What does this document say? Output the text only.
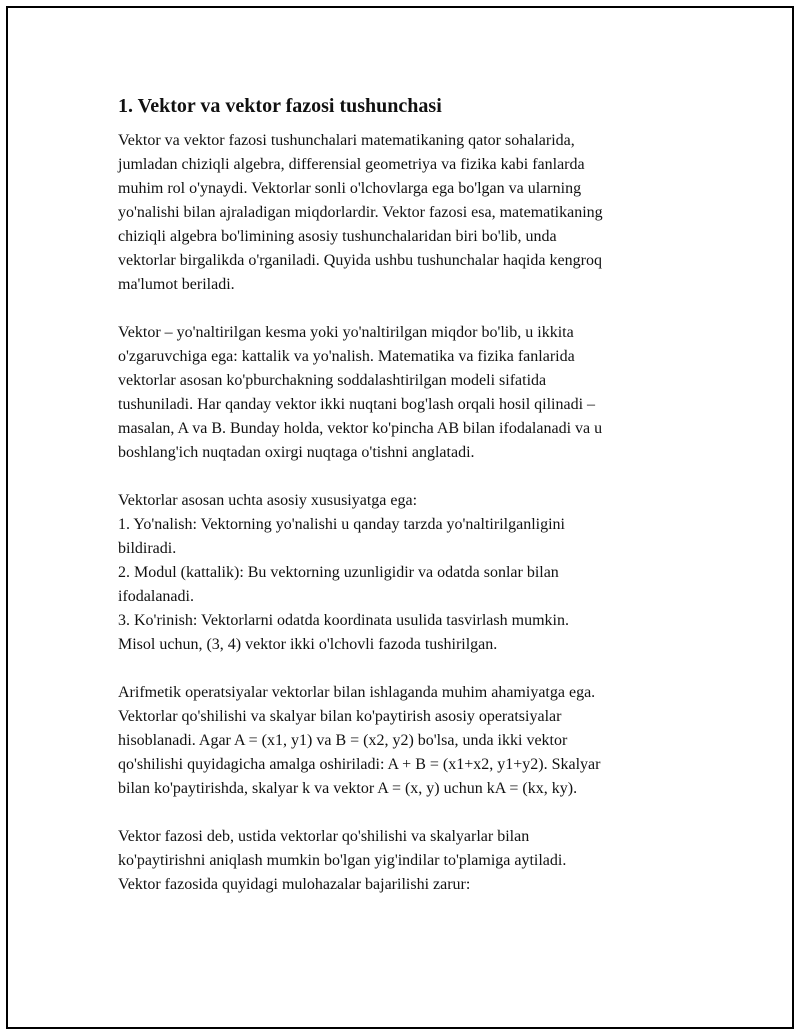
1. Vektor va vektor fazosi tushunchasi

Vektor va vektor fazosi tushunchalari matematikaning qator sohalarida,
jumladan chiziqli algebra, differensial geometriya va fizika kabi fanlarda
muhim rol o'ynaydi. Vektorlar sonli o'lchovlarga ega bo'lgan va ularning
yo'nalishi bilan ajraladigan miqdorlardir. Vektor fazosi esa, matematikaning
chiziqli algebra bo'limining asosiy tushunchalaridan biri bo'lib, unda
vektorlar birgalikda o'rganiladi. Quyida ushbu tushunchalar haqida kengroq
ma'lumot beriladi.

Vektor – yo'naltirilgan kesma yoki yo'naltirilgan miqdor bo'lib, u ikkita
o'zgaruvchiga ega: kattalik va yo'nalish. Matematika va fizika fanlarida
vektorlar asosan ko'pburchakning soddalashtirilgan modeli sifatida
tushuniladi. Har qanday vektor ikki nuqtani bog'lash orqali hosil qilinadi –
masalan, A va B. Bunday holda, vektor ko'pincha AB bilan ifodalanadi va u
boshlang'ich nuqtadan oxirgi nuqtaga o'tishni anglatadi.

Vektorlar asosan uchta asosiy xususiyatga ega:
1. Yo'nalish: Vektorning yo'nalishi u qanday tarzda yo'naltirilganligini
bildiradi.
2. Modul (kattalik): Bu vektorning uzunligidir va odatda sonlar bilan
ifodalanadi.
3. Ko'rinish: Vektorlarni odatda koordinata usulida tasvirlash mumkin.
Misol uchun, (3, 4) vektor ikki o'lchovli fazoda tushirilgan.

Arifmetik operatsiyalar vektorlar bilan ishlaganda muhim ahamiyatga ega.
Vektorlar qo'shilishi va skalyar bilan ko'paytirish asosiy operatsiyalar
hisoblanadi. Agar A = (x1, y1) va B = (x2, y2) bo'lsa, unda ikki vektor
qo'shilishi quyidagicha amalga oshiriladi: A + B = (x1+x2, y1+y2). Skalyar
bilan ko'paytirishda, skalyar k va vektor A = (x, y) uchun kA = (kx, ky).

Vektor fazosi deb, ustida vektorlar qo'shilishi va skalyarlar bilan
ko'paytirishni aniqlash mumkin bo'lgan yig'indilar to'plamiga aytiladi.
Vektor fazosida quyidagi mulohazalar bajarilishi zarur:
